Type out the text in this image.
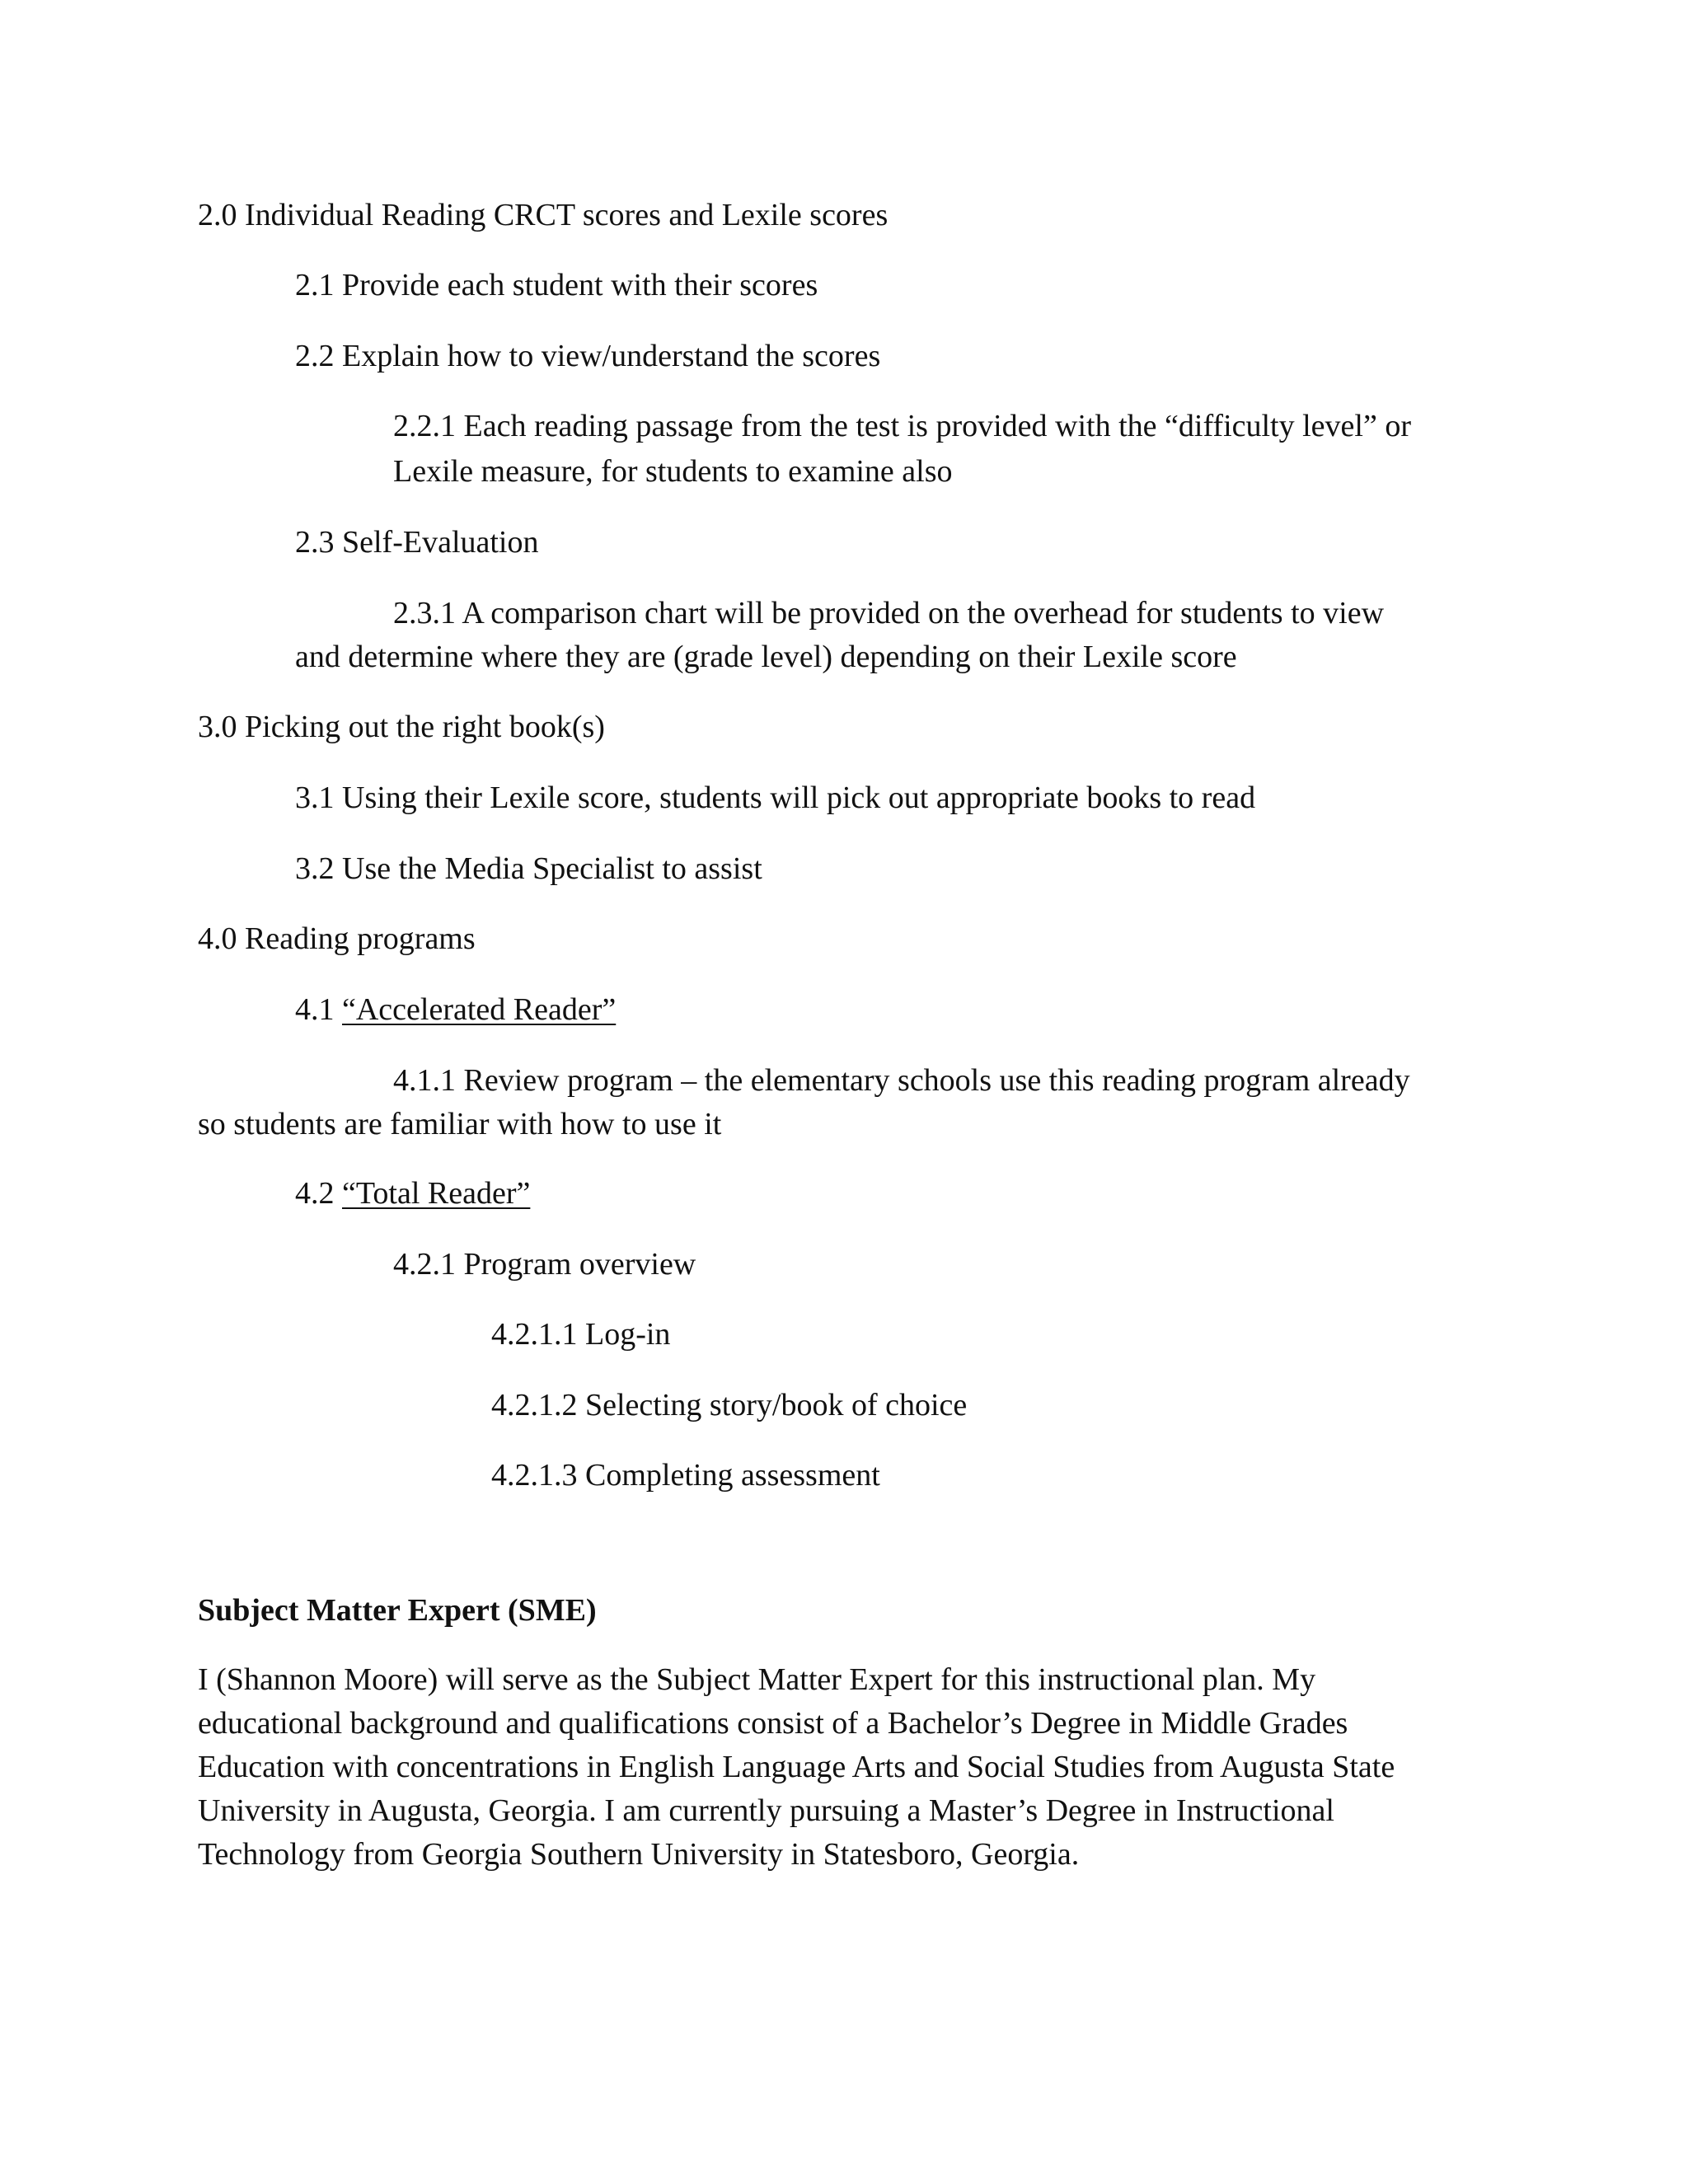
2.0 Individual Reading CRCT scores and Lexile scores

2.1 Provide each student with their scores

2.2 Explain how to view/understand the scores

2.2.1 Each reading passage from the test is provided with the “difficulty level” or

Lexile measure, for students to examine also

2.3 Self-Evaluation

2.3.1 A comparison chart will be provided on the overhead for students to view

and determine where they are (grade level) depending on their Lexile score

3.0 Picking out the right book(s)

3.1 Using their Lexile score, students will pick out appropriate books to read

3.2 Use the Media Specialist to assist

4.0 Reading programs

4.1 “Accelerated Reader”

4.1.1 Review program – the elementary schools use this reading program already

so students are familiar with how to use it

4.2 “Total Reader”

4.2.1 Program overview

4.2.1.1 Log-in

4.2.1.2 Selecting story/book of choice

4.2.1.3 Completing assessment

Subject Matter Expert (SME)

I (Shannon Moore) will serve as the Subject Matter Expert for this instructional plan. My

educational background and qualifications consist of a Bachelor’s Degree in Middle Grades

Education with concentrations in English Language Arts and Social Studies from Augusta State

University in Augusta, Georgia. I am currently pursuing a Master’s Degree in Instructional

Technology from Georgia Southern University in Statesboro, Georgia.
